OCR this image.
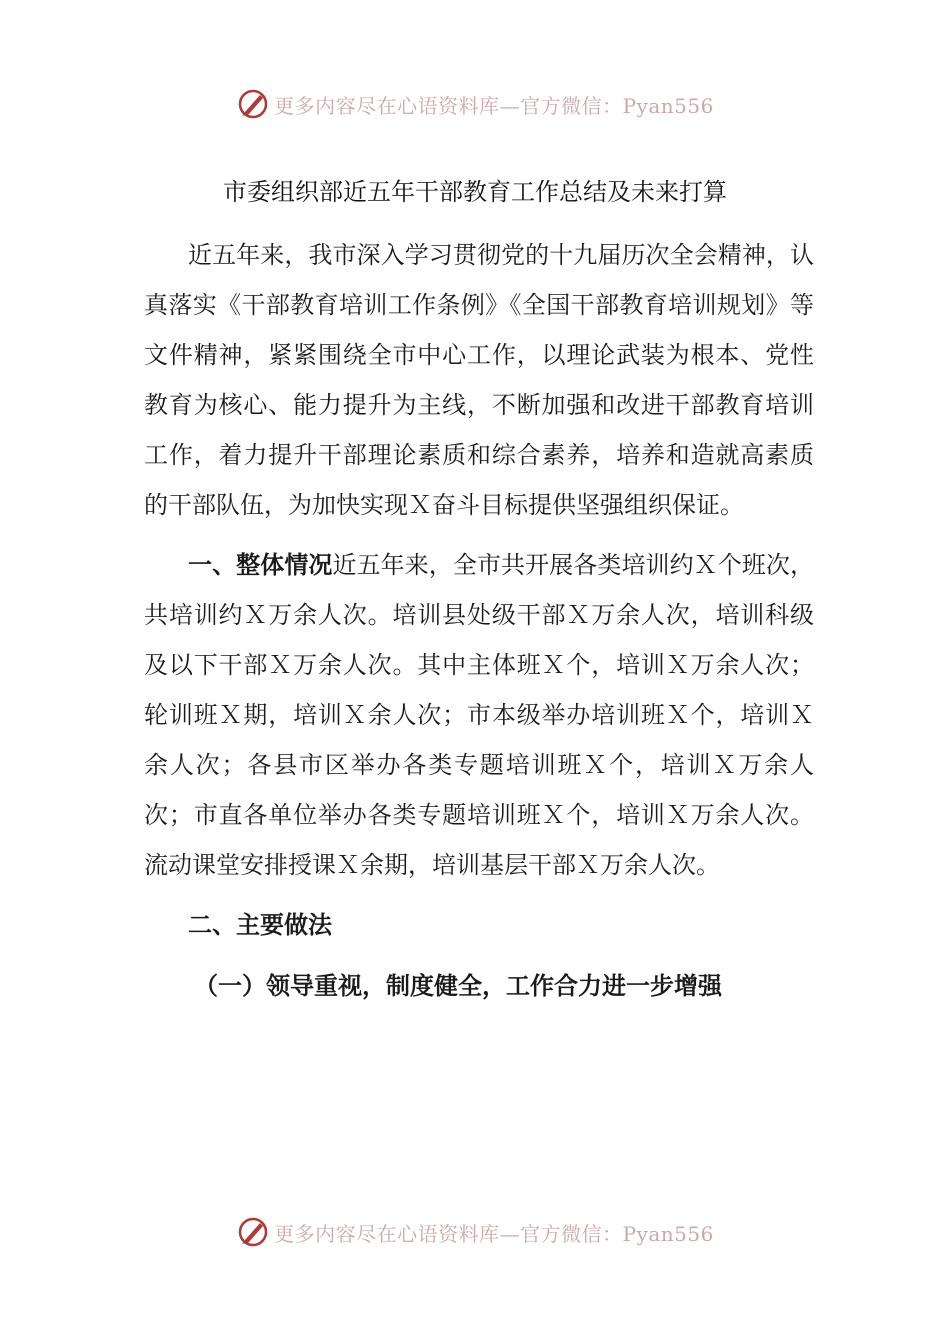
更多内容尽在心语资料库—官方微信：Pyan556
市委组织部近五年干部教育工作总结及未来打算

近五年来，我市深入学习贯彻党的十九届历次全会精神，认真落实《干部教育培训工作条例》《全国干部教育培训规划》等文件精神，紧紧围绕全市中心工作，以理论武装为根本、党性教育为核心、能力提升为主线，不断加强和改进干部教育培训工作，着力提升干部理论素质和综合素养，培养和造就高素质的干部队伍，为加快实现Ｘ奋斗目标提供坚强组织保证。

一、整体情况近五年来，全市共开展各类培训约Ｘ个班次，共培训约Ｘ万余人次。培训县处级干部Ｘ万余人次，培训科级及以下干部Ｘ万余人次。其中主体班Ｘ个，培训Ｘ万余人次；轮训班Ｘ期，培训Ｘ余人次；市本级举办培训班Ｘ个，培训Ｘ余人次；各县市区举办各类专题培训班Ｘ个，培训Ｘ万余人次；市直各单位举办各类专题培训班Ｘ个，培训Ｘ万余人次。流动课堂安排授课Ｘ余期，培训基层干部Ｘ万余人次。

二、主要做法

（一）领导重视，制度健全，工作合力进一步增强

更多内容尽在心语资料库—官方微信：Pyan556
